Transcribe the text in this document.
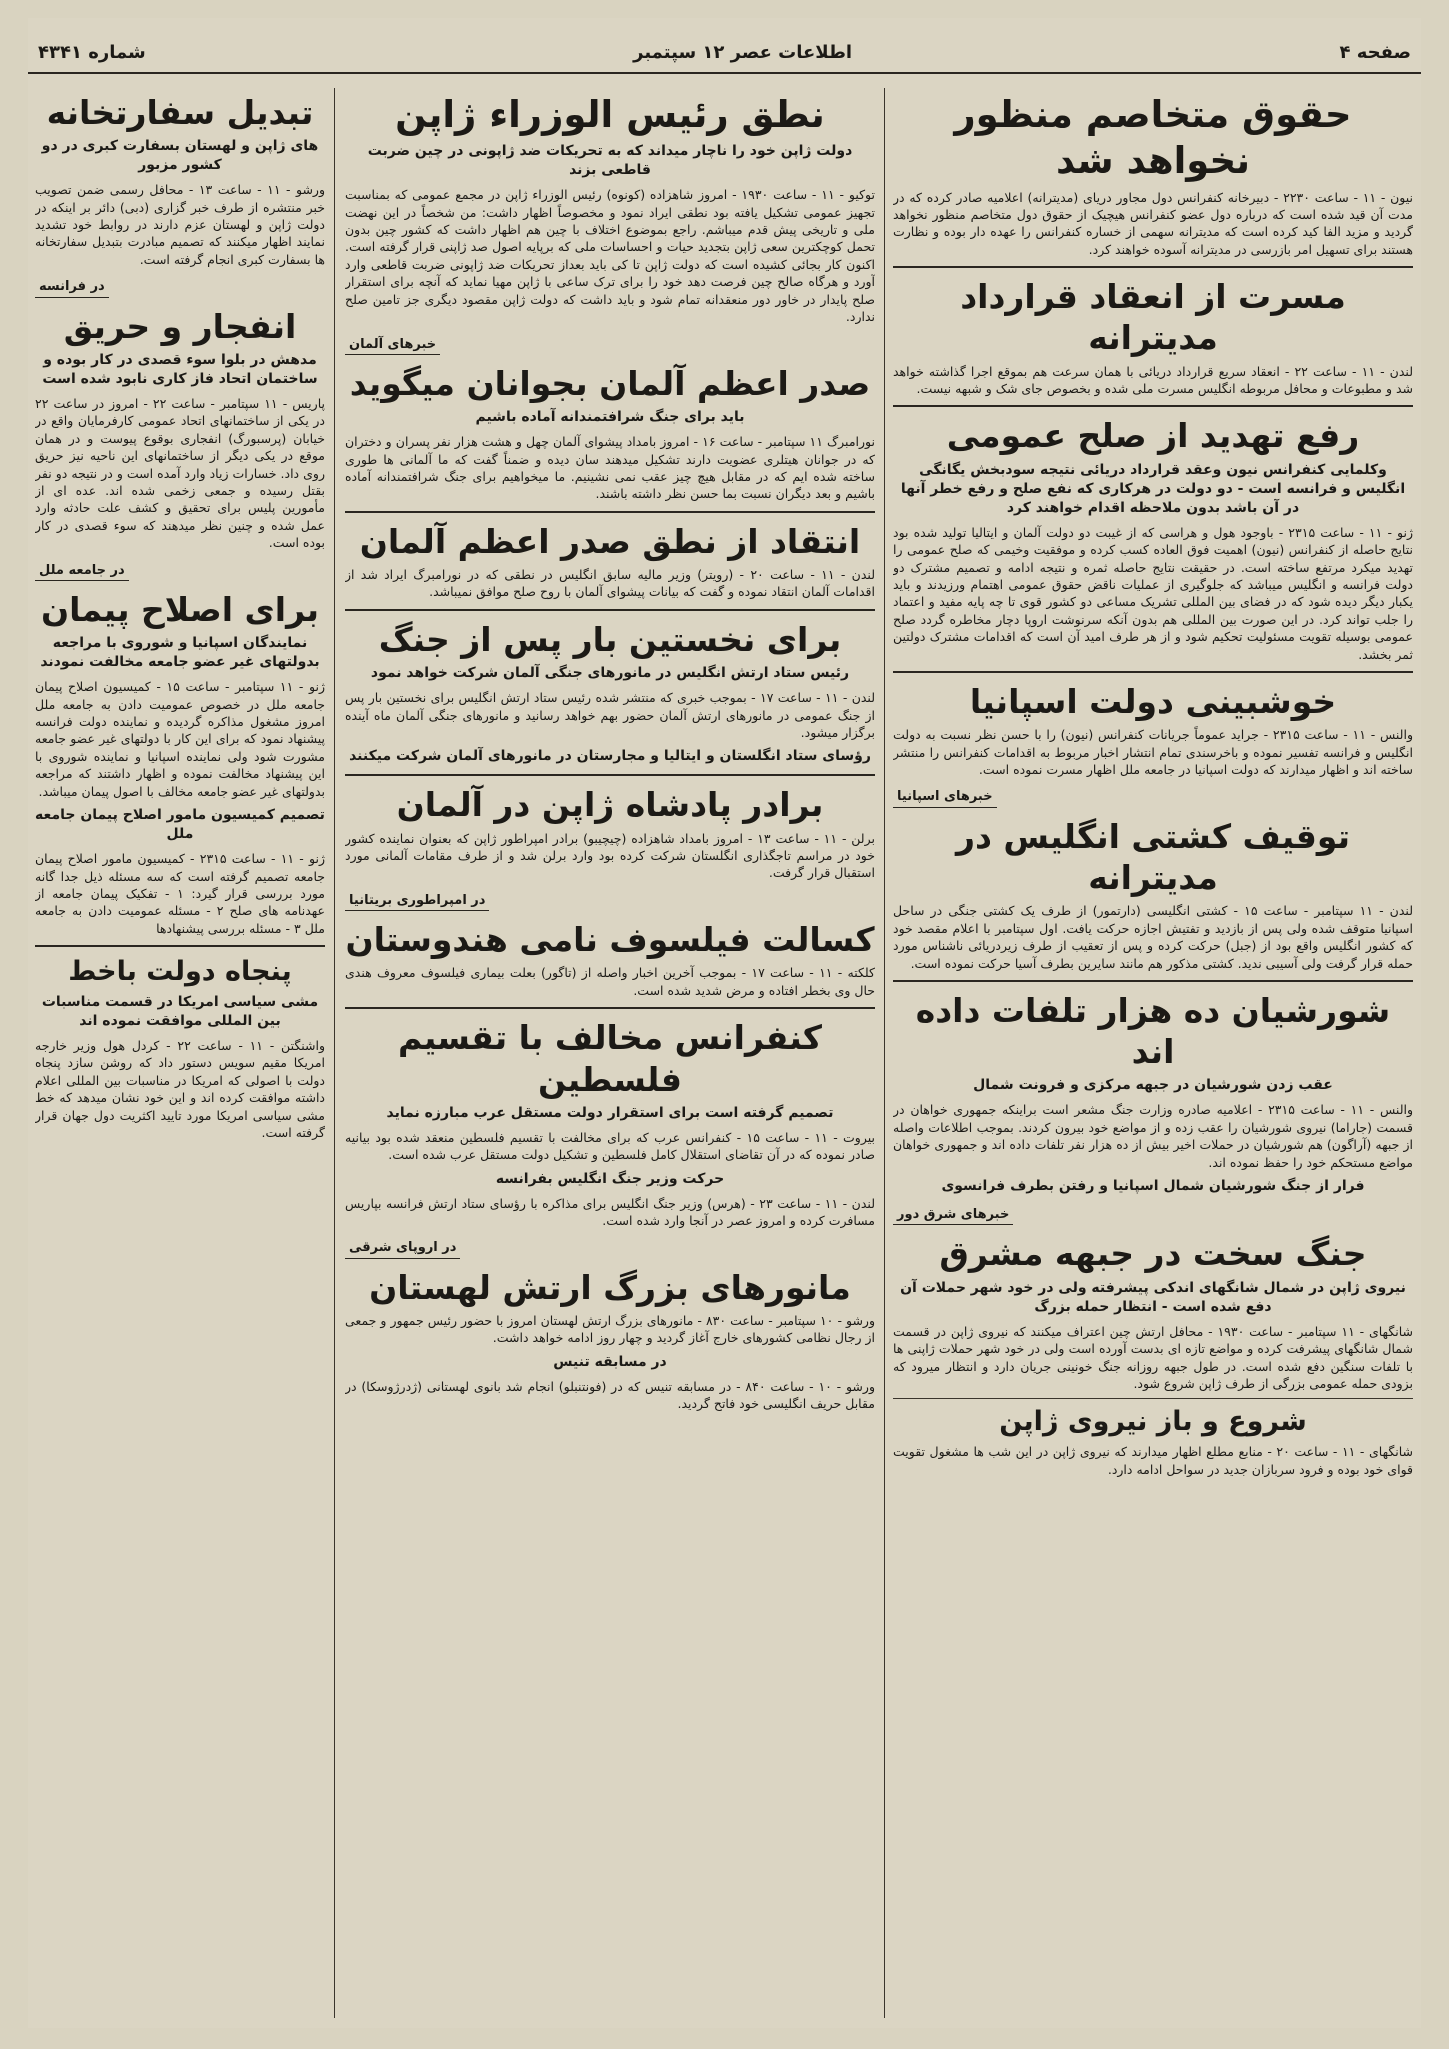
صفحه ۴
اطلاعات عصر ۱۲ سپتمبر
شماره ۴۳۴۱
حقوق متخاصم منظور نخواهد شد
نیون - ۱۱ - ساعت ۲۲۳۰ - دبیرخانه کنفرانس دول مجاور دریای (مدیترانه) اعلامیه صادر کرده که در مدت آن قید شده است که درباره دول عضو کنفرانس هیچیک از حقوق دول متخاصم منظور نخواهد گردید و مزید الفا کید کرده است که مدیترانه سهمی از خساره کنفرانس را عهده دار بوده و نظارت هستند برای تسهیل امر بازرسی در مدیترانه آسوده خواهند کرد.
مسرت از انعقاد قرارداد مدیترانه
لندن - ۱۱ - ساعت ۲۲ - انعقاد سریع قرارداد دریائی با همان سرعت هم بموقع اجرا گذاشته خواهد شد و مطبوعات و محافل مربوطه انگلیس مسرت ملی شده و بخصوص جای شک و شبهه نیست.
رفع تهدید از صلح عمومی
وکلمایی کنفرانس نیون وعقد قرارداد دریائی نتیجه سودبخش یگانگی انگلیس و فرانسه است - دو دولت در هرکاری که نفع صلح و رفع خطر آنها در آن باشد بدون ملاحظه اقدام خواهند کرد
ژنو - ۱۱ - ساعت ۲۳۱۵ - باوجود هول و هراسی که از غیبت دو دولت آلمان و ایتالیا تولید شده بود نتایج حاصله از کنفرانس (نیون) اهمیت فوق العاده کسب کرده و موفقیت وخیمی که صلح عمومی را تهدید میکرد مرتفع ساخته است. در حقیقت نتایج حاصله ثمره و نتیجه ادامه و تصمیم مشترک دو دولت فرانسه و انگلیس میباشد که جلوگیری از عملیات ناقض حقوق عمومی اهتمام ورزیدند و باید یکبار دیگر دیده شود که در فضای بین المللی تشریک مساعی دو کشور قوی تا چه پایه مفید و اعتماد را جلب تواند کرد. در این صورت بین المللی هم بدون آنکه سرنوشت اروپا دچار مخاطره گردد صلح عمومی بوسیله تقویت مسئولیت تحکیم شود و از هر طرف امید آن است که اقدامات مشترک دولتین ثمر بخشد.
خوشبینی دولت اسپانیا
والنس - ۱۱ - ساعت ۲۳۱۵ - جراید عموماً جریانات کنفرانس (نیون) را با حسن نظر نسبت به دولت انگلیس و فرانسه تفسیر نموده و باخرسندی تمام انتشار اخبار مربوط به اقدامات کنفرانس را منتشر ساخته اند و اظهار میدارند که دولت اسپانیا در جامعه ملل اظهار مسرت نموده است.
خبرهای اسپانیا
توقیف کشتی انگلیس در مدیترانه
لندن - ۱۱ سپتامبر - ساعت ۱۵ - کشتی انگلیسی (دارتمور) از طرف یک کشتی جنگی در ساحل اسپانیا متوقف شده ولی پس از بازدید و تفتیش اجازه حرکت یافت. اول سپتامبر با اعلام مقصد خود که کشور انگلیس واقع بود از (جبل) حرکت کرده و پس از تعقیب از طرف زیردریائی ناشناس مورد حمله قرار گرفت ولی آسیبی ندید. کشتی مذکور هم مانند سایرین بطرف آسیا حرکت نموده است.
شورشیان ده هزار تلفات داده اند
عقب زدن شورشیان در جبهه مرکزی و فرونت شمال
والنس - ۱۱ - ساعت ۲۳۱۵ - اعلامیه صادره وزارت جنگ مشعر است براینکه جمهوری خواهان در قسمت (جاراما) نیروی شورشیان را عقب زده و از مواضع خود بیرون کردند. بموجب اطلاعات واصله از جبهه (آراگون) هم شورشیان در حملات اخیر بیش از ده هزار نفر تلفات داده اند و جمهوری خواهان مواضع مستحکم خود را حفظ نموده اند.
فرار از جنگ شورشیان شمال اسپانیا و رفتن بطرف فرانسوی
خبرهای شرق دور
جنگ سخت در جبهه مشرق
نیروی ژاپن در شمال شانگهای اندکی پیشرفته ولی در خود شهر حملات آن دفع شده است - انتظار حمله بزرگ
شانگهای - ۱۱ سپتامبر - ساعت ۱۹۳۰ - محافل ارتش چین اعتراف میکنند که نیروی ژاپن در قسمت شمال شانگهای پیشرفت کرده و مواضع تازه ای بدست آورده است ولی در خود شهر حملات ژاپنی ها با تلفات سنگین دفع شده است. در طول جبهه روزانه جنگ خونینی جریان دارد و انتظار میرود که بزودی حمله عمومی بزرگی از طرف ژاپن شروع شود.
شروع و باز نیروی ژاپن
شانگهای - ۱۱ - ساعت ۲۰ - منابع مطلع اظهار میدارند که نیروی ژاپن در این شب ها مشغول تقویت قوای خود بوده و فرود سربازان جدید در سواحل ادامه دارد.
نطق رئیس الوزراء ژاپن
دولت ژاپن خود را ناچار میداند که به تحریکات ضد ژاپونی در چین ضربت قاطعی بزند
توکیو - ۱۱ - ساعت ۱۹۳۰ - امروز شاهزاده (کونوه) رئیس الوزراء ژاپن در مجمع عمومی که بمناسبت تجهیز عمومی تشکیل یافته بود نطقی ایراد نمود و مخصوصاً اظهار داشت: من شخصاً در این نهضت ملی و تاریخی پیش قدم میباشم. راجع بموضوع اختلاف با چین هم اظهار داشت که کشور چین بدون تحمل کوچکترین سعی ژاپن بتجدید حیات و احساسات ملی که برپایه اصول صد ژاپنی قرار گرفته است. اکنون کار بجائی کشیده است که دولت ژاپن تا کی باید بعداز تحریکات ضد ژاپونی ضربت قاطعی وارد آورد و هرگاه صالح چین فرصت دهد خود را برای ترک ساعی با ژاپن مهیا نماید که آنچه برای استقرار صلح پایدار در خاور دور منعقدانه تمام شود و باید داشت که دولت ژاپن مقصود دیگری جز تامین صلح ندارد.
خبرهای آلمان
صدر اعظم آلمان بجوانان میگوید
باید برای جنگ شرافتمندانه آماده باشیم
نورامبرگ ۱۱ سپتامبر - ساعت ۱۶ - امروز بامداد پیشوای آلمان چهل و هشت هزار نفر پسران و دختران که در جوانان هیتلری عضویت دارند تشکیل میدهند سان دیده و ضمناً گفت که ما آلمانی ها طوری ساخته شده ایم که در مقابل هیچ چیز عقب نمی نشینیم. ما میخواهیم برای جنگ شرافتمندانه آماده باشیم و بعد دیگران نسبت بما حسن نظر داشته باشند.
انتقاد از نطق صدر اعظم آلمان
لندن - ۱۱ - ساعت ۲۰ - (رویتر) وزیر مالیه سابق انگلیس در نطقی که در نورامبرگ ایراد شد از اقدامات آلمان انتقاد نموده و گفت که بیانات پیشوای آلمان با روح صلح موافق نمیباشد.
برای نخستین بار پس از جنگ
رئیس ستاد ارتش انگلیس در مانورهای جنگی آلمان شرکت خواهد نمود
لندن - ۱۱ - ساعت ۱۷ - بموجب خبری که منتشر شده رئیس ستاد ارتش انگلیس برای نخستین بار پس از جنگ عمومی در مانورهای ارتش آلمان حضور بهم خواهد رسانید و مانورهای جنگی آلمان ماه آینده برگزار میشود.
رؤسای ستاد انگلستان و ایتالیا و مجارستان در مانورهای آلمان شرکت میکنند
برادر پادشاه ژاپن در آلمان
برلن - ۱۱ - ساعت ۱۳ - امروز بامداد شاهزاده (چیچیبو) برادر امپراطور ژاپن که بعنوان نماینده کشور خود در مراسم تاجگذاری انگلستان شرکت کرده بود وارد برلن شد و از طرف مقامات آلمانی مورد استقبال قرار گرفت.
در امپراطوری بریتانیا
کسالت فیلسوف نامی هندوستان
کلکته - ۱۱ - ساعت ۱۷ - بموجب آخرین اخبار واصله از (تاگور) بعلت بیماری فیلسوف معروف هندی حال وی بخطر افتاده و مرض شدید شده است.
کنفرانس مخالف با تقسیم فلسطین
تصمیم گرفته است برای استقرار دولت مستقل عرب مبارزه نماید
بیروت - ۱۱ - ساعت ۱۵ - کنفرانس عرب که برای مخالفت با تقسیم فلسطین منعقد شده بود بیانیه صادر نموده که در آن تقاضای استقلال کامل فلسطین و تشکیل دولت مستقل عرب شده است.
حرکت وزیر جنگ انگلیس بفرانسه
لندن - ۱۱ - ساعت ۲۳ - (هرس) وزیر جنگ انگلیس برای مذاکره با رؤسای ستاد ارتش فرانسه بپاریس مسافرت کرده و امروز عصر در آنجا وارد شده است.
در اروپای شرقی
مانورهای بزرگ ارتش لهستان
ورشو - ۱۰ سپتامبر - ساعت ۸۳۰ - مانورهای بزرگ ارتش لهستان امروز با حضور رئیس جمهور و جمعی از رجال نظامی کشورهای خارج آغاز گردید و چهار روز ادامه خواهد داشت.
در مسابقه تنیس
ورشو - ۱۰ - ساعت ۸۴۰ - در مسابقه تنیس که در (فونتنبلو) انجام شد بانوی لهستانی (ژدرژوسکا) در مقابل حریف انگلیسی خود فاتح گردید.
تبدیل سفارتخانه
های ژاپن و لهستان بسفارت کبری در دو کشور مزبور
ورشو - ۱۱ - ساعت ۱۳ - محافل رسمی ضمن تصویب خبر منتشره از طرف خبر گزاری (دبی) دائر بر اینکه در دولت ژاپن و لهستان عزم دارند در روابط خود تشدید نمایند اظهار میکنند که تصمیم مبادرت بتبدیل سفارتخانه ها بسفارت کبری انجام گرفته است.
در فرانسه
انفجار و حریق
مدهش در بلوا سوء قصدی در کار بوده و ساختمان اتحاد فاز کاری نابود شده است
پاریس - ۱۱ سپتامبر - ساعت ۲۲ - امروز در ساعت ۲۲ در یکی از ساختمانهای اتحاد عمومی کارفرمایان واقع در خیابان (پرسبورگ) انفجاری بوقوع پیوست و در همان موقع در یکی دیگر از ساختمانهای این ناحیه نیز حریق روی داد. خسارات زیاد وارد آمده است و در نتیجه دو نفر بقتل رسیده و جمعی زخمی شده اند. عده ای از مأمورین پلیس برای تحقیق و کشف علت حادثه وارد عمل شده و چنین نظر میدهند که سوء قصدی در کار بوده است.
در جامعه ملل
برای اصلاح پیمان
نمایندگان اسپانیا و شوروی با مراجعه بدولتهای غیر عضو جامعه مخالفت نمودند
ژنو - ۱۱ سپتامبر - ساعت ۱۵ - کمیسیون اصلاح پیمان جامعه ملل در خصوص عمومیت دادن به جامعه ملل امروز مشغول مذاکره گردیده و نماینده دولت فرانسه پیشنهاد نمود که برای این کار با دولتهای غیر عضو جامعه مشورت شود ولی نماینده اسپانیا و نماینده شوروی با این پیشنهاد مخالفت نموده و اظهار داشتند که مراجعه بدولتهای غیر عضو جامعه مخالف با اصول پیمان میباشد.
تصمیم کمیسیون مامور اصلاح پیمان جامعه ملل
ژنو - ۱۱ - ساعت ۲۳۱۵ - کمیسیون مامور اصلاح پیمان جامعه تصمیم گرفته است که سه مسئله ذیل جدا گانه مورد بررسی قرار گیرد: ۱ - تفکیک پیمان جامعه از عهدنامه های صلح ۲ - مسئله عمومیت دادن به جامعه ملل ۳ - مسئله بررسی پیشنهادها
پنجاه دولت باخط
مشی سیاسی امریکا در قسمت مناسبات بین المللی موافقت نموده اند
واشنگتن - ۱۱ - ساعت ۲۲ - کردل هول وزیر خارجه امریکا مقیم سویس دستور داد که روشن سازد پنجاه دولت با اصولی که امریکا در مناسبات بین المللی اعلام داشته موافقت کرده اند و این خود نشان میدهد که خط مشی سیاسی امریکا مورد تایید اکثریت دول جهان قرار گرفته است.
